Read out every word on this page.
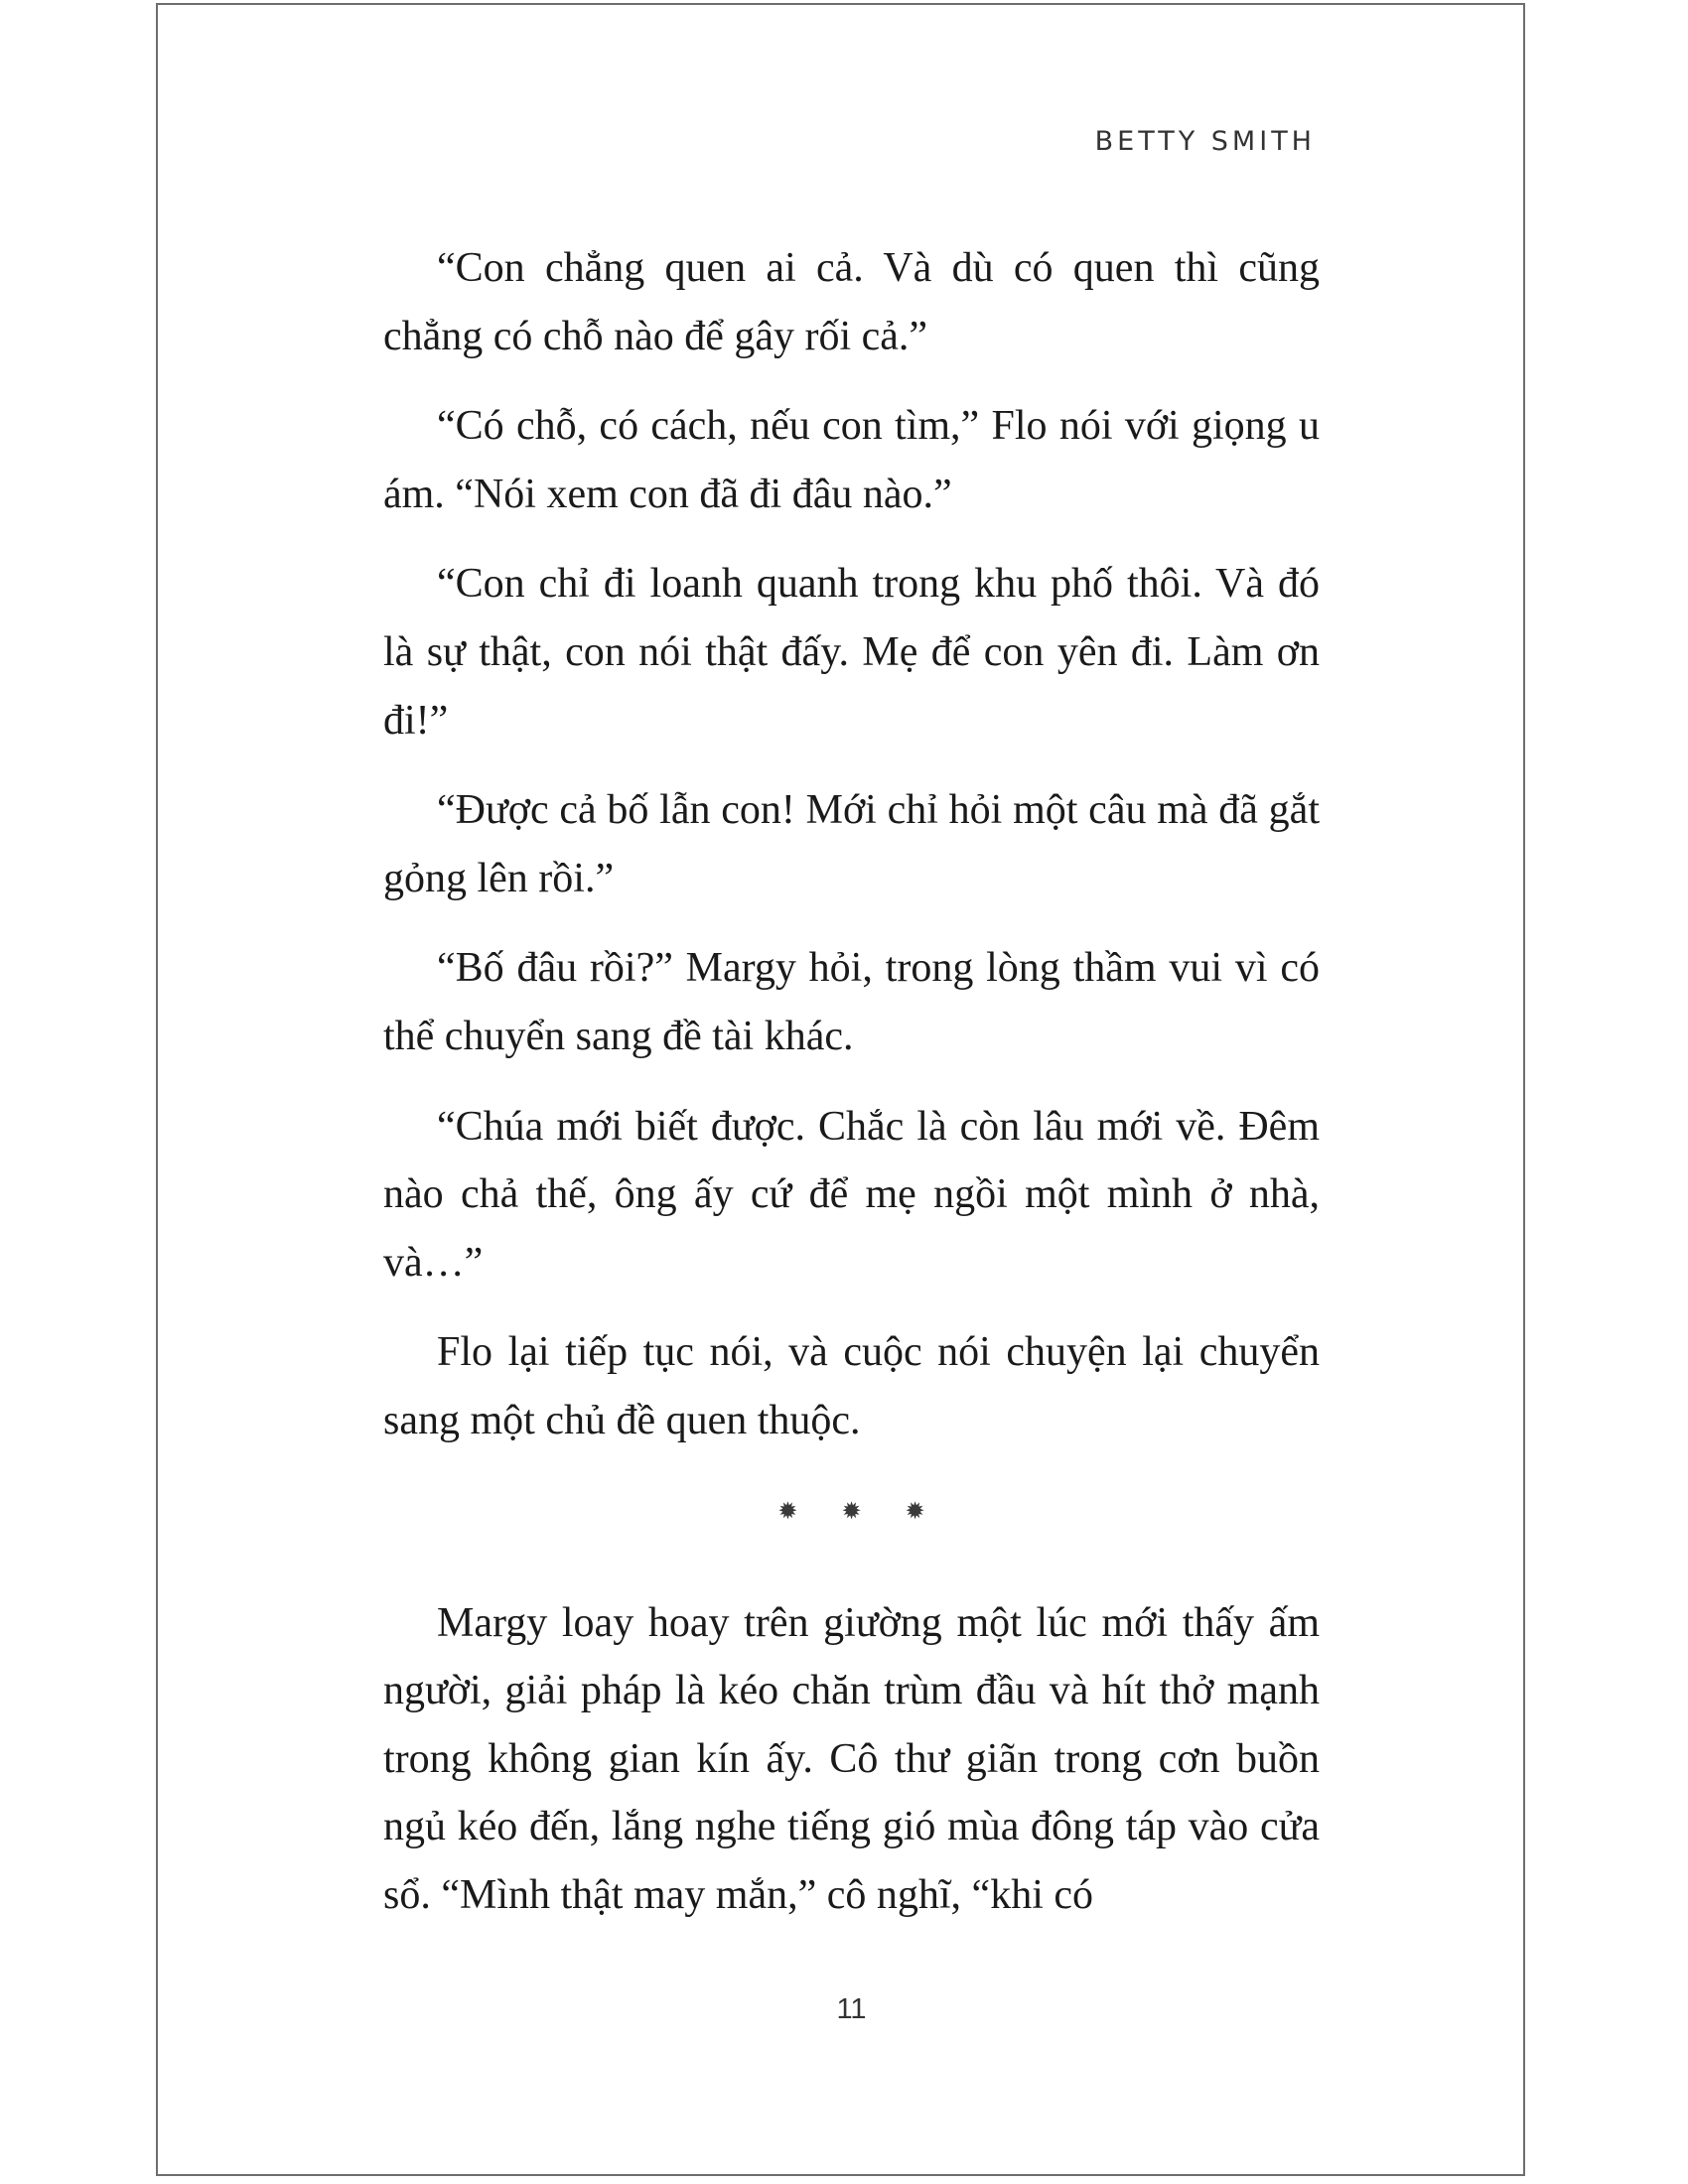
BETTY SMITH

“Con chẳng quen ai cả. Và dù có quen thì cũng chẳng có chỗ nào để gây rối cả.”

“Có chỗ, có cách, nếu con tìm,” Flo nói với giọng u ám. “Nói xem con đã đi đâu nào.”

“Con chỉ đi loanh quanh trong khu phố thôi. Và đó là sự thật, con nói thật đấy. Mẹ để con yên đi. Làm ơn đi!”

“Được cả bố lẫn con! Mới chỉ hỏi một câu mà đã gắt gỏng lên rồi.”

“Bố đâu rồi?” Margy hỏi, trong lòng thầm vui vì có thể chuyển sang đề tài khác.

“Chúa mới biết được. Chắc là còn lâu mới về. Đêm nào chả thế, ông ấy cứ để mẹ ngồi một mình ở nhà, và…”

Flo lại tiếp tục nói, và cuộc nói chuyện lại chuyển sang một chủ đề quen thuộc.

✹ ✹ ✹

Margy loay hoay trên giường một lúc mới thấy ấm người, giải pháp là kéo chăn trùm đầu và hít thở mạnh trong không gian kín ấy. Cô thư giãn trong cơn buồn ngủ kéo đến, lắng nghe tiếng gió mùa đông táp vào cửa sổ. “Mình thật may mắn,” cô nghĩ, “khi có

11
